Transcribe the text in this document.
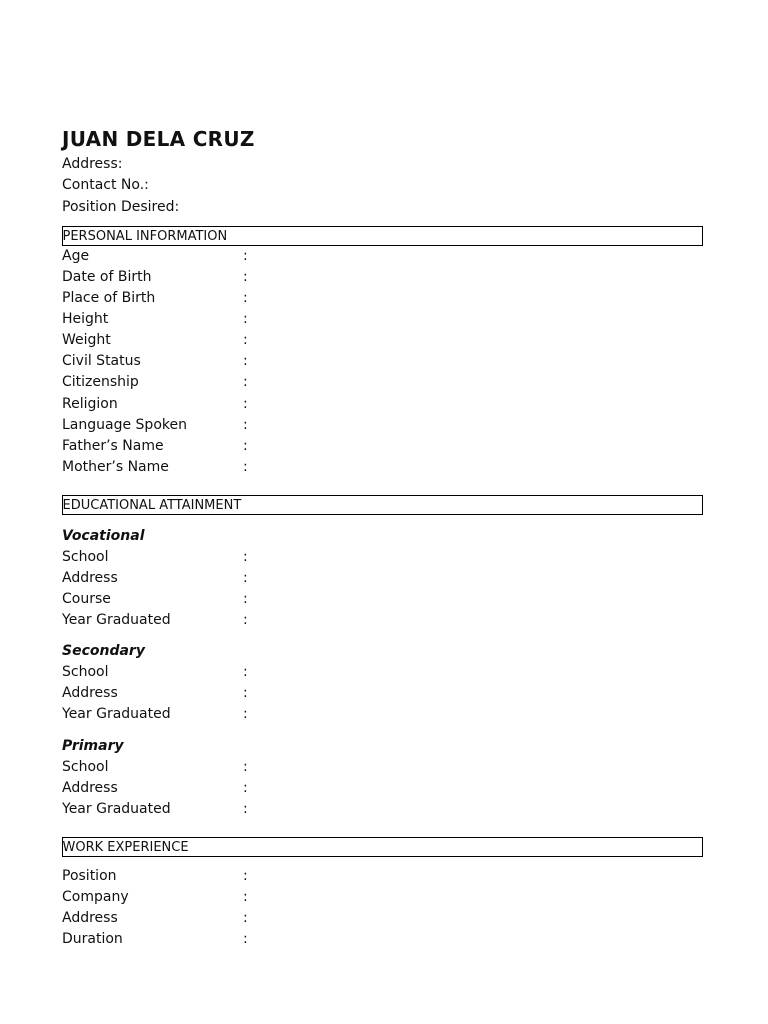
JUAN DELA CRUZ
Address:
Contact No.:
Position Desired:
PERSONAL INFORMATION
Age	:
Date of Birth	:
Place of Birth	:
Height	:
Weight	:
Civil Status	:
Citizenship	:
Religion	:
Language Spoken	:
Father’s Name	:
Mother’s Name	:
EDUCATIONAL ATTAINMENT
Vocational
School	:
Address	:
Course	:
Year Graduated	:
Secondary
School	:
Address	:
Year Graduated	:
Primary
School	:
Address	:
Year Graduated	:
WORK EXPERIENCE
Position	:
Company	:
Address	:
Duration	:
